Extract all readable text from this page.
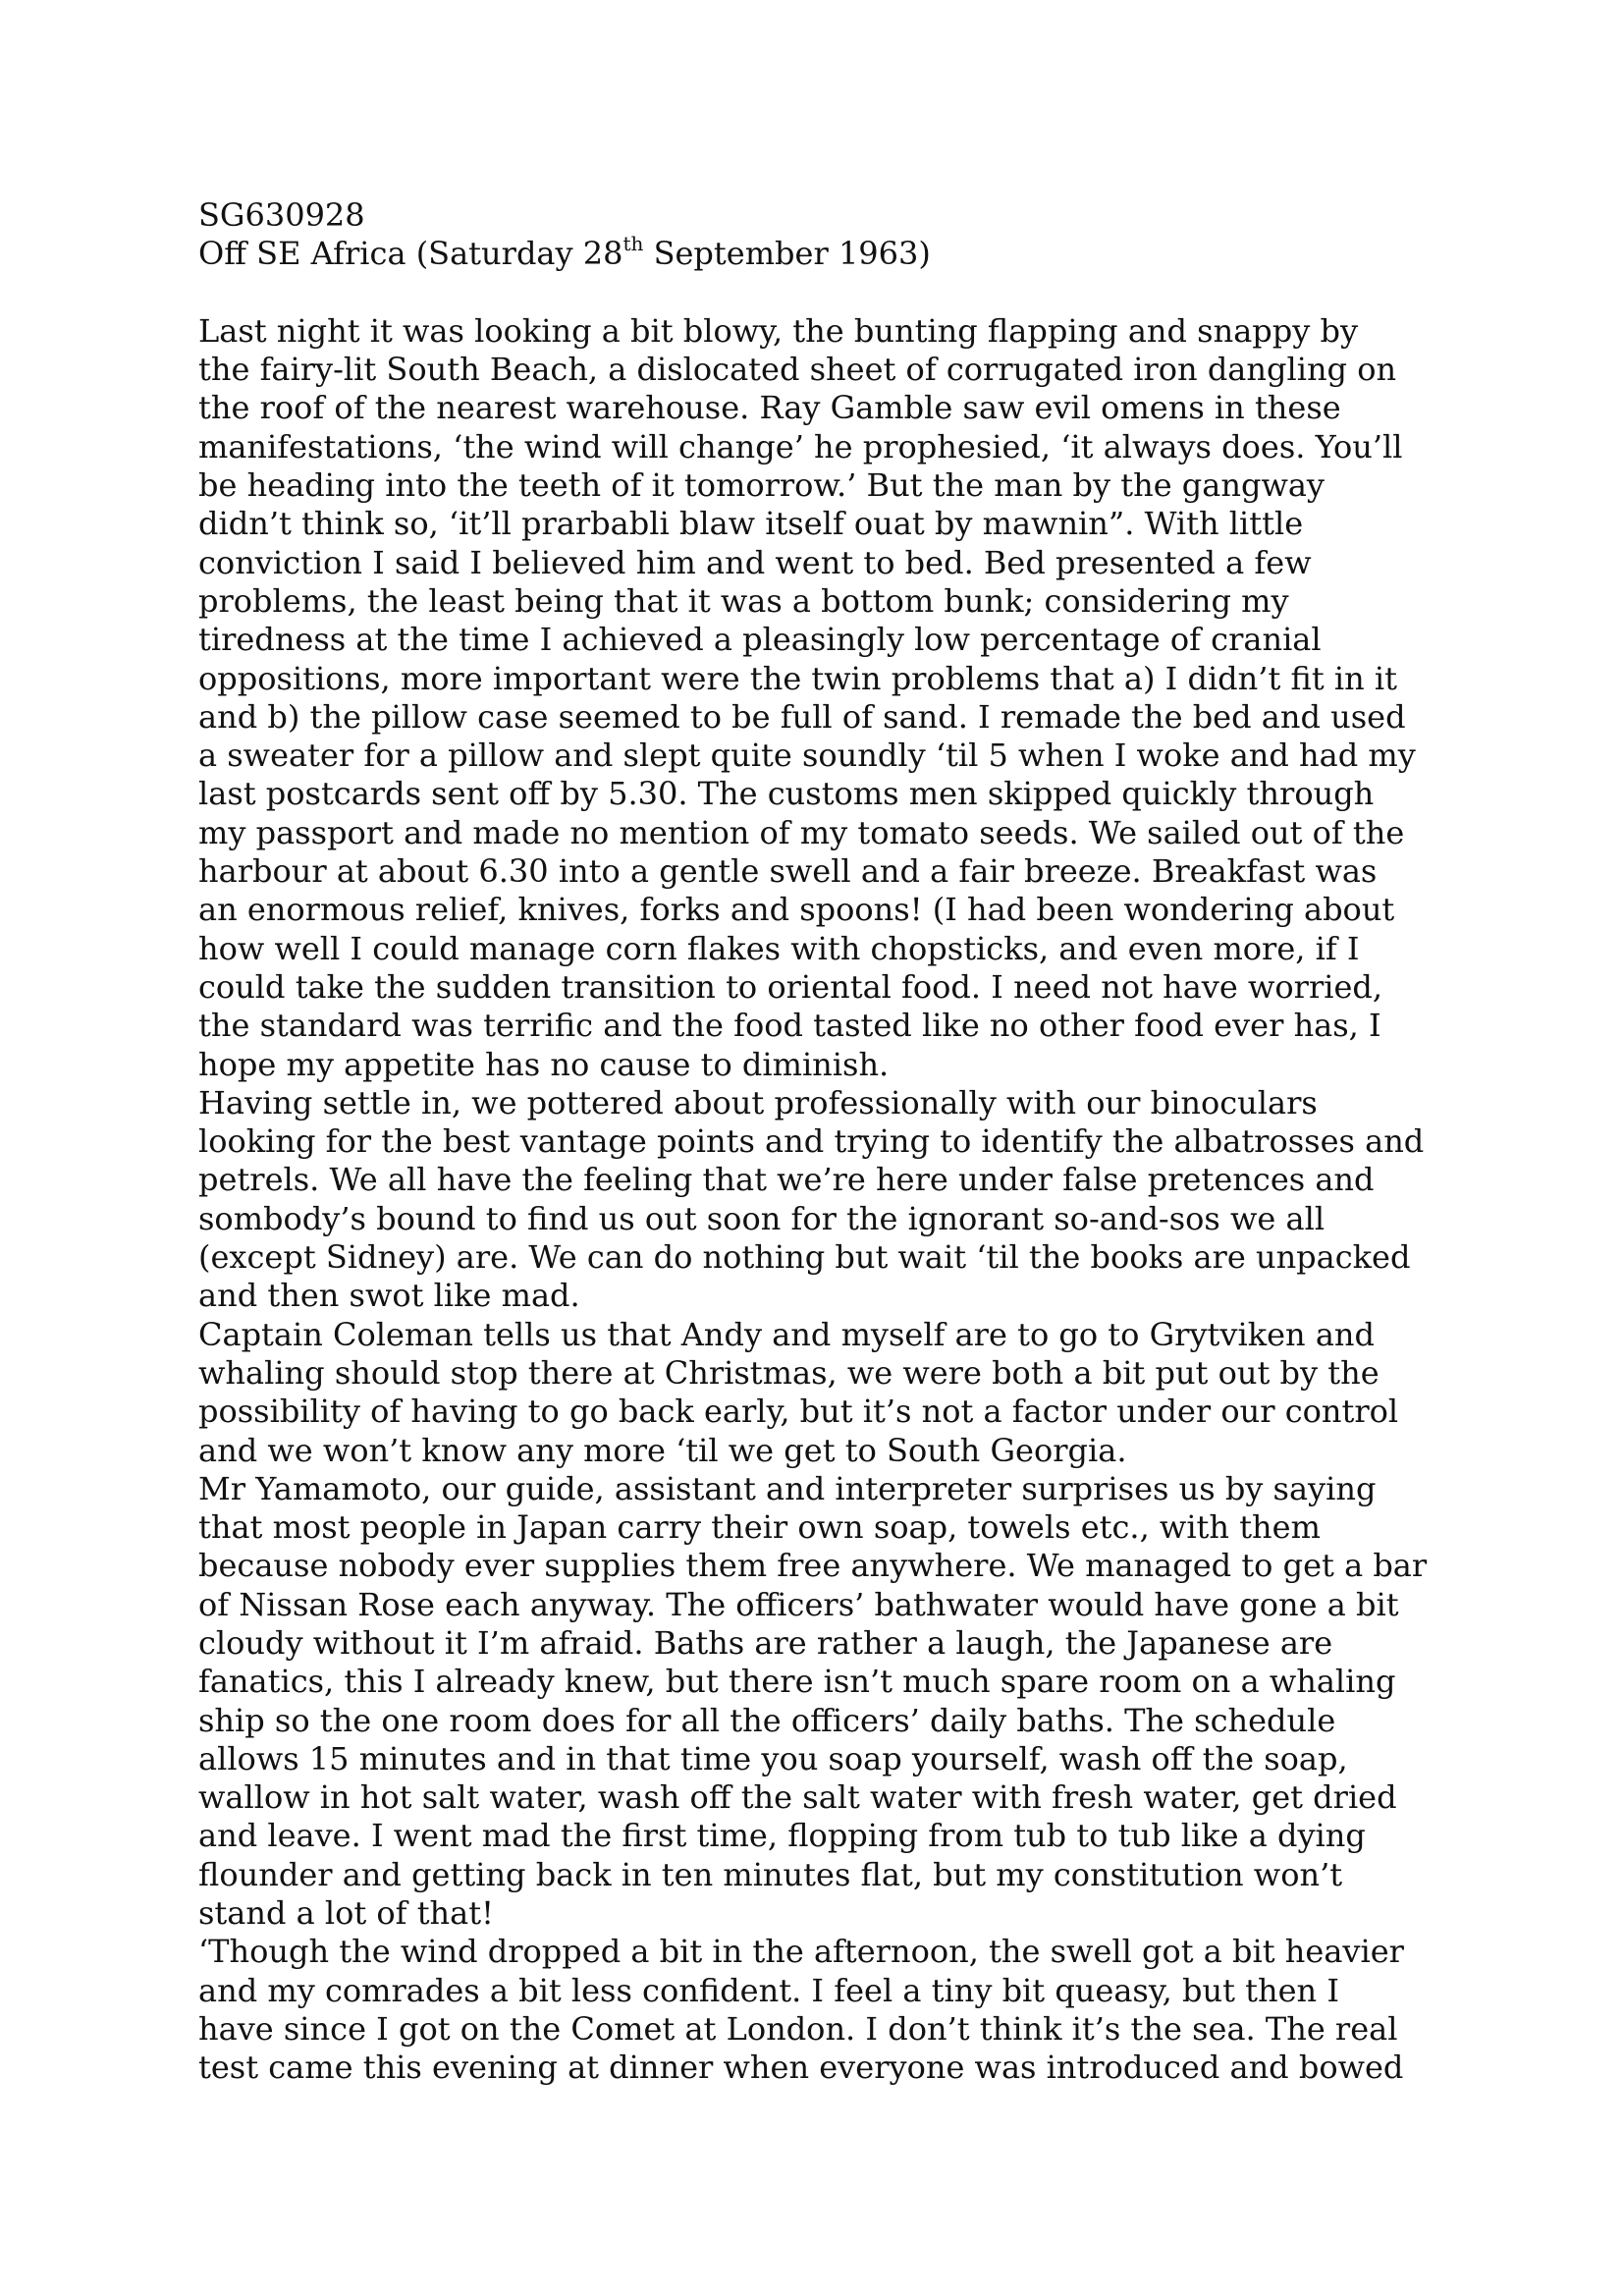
SG630928
Off SE Africa (Saturday 28th September 1963)
Last night it was looking a bit blowy, the bunting flapping and snappy by
the fairy-lit South Beach, a dislocated sheet of corrugated iron dangling on
the roof of the nearest warehouse. Ray Gamble saw evil omens in these
manifestations, ‘the wind will change’ he prophesied, ‘it always does. You’ll
be heading into the teeth of it tomorrow.’ But the man by the gangway
didn’t think so, ‘it’ll prarbabli blaw itself ouat by mawnin”. With little
conviction I said I believed him and went to bed. Bed presented a few
problems, the least being that it was a bottom bunk; considering my
tiredness at the time I achieved a pleasingly low percentage of cranial
oppositions, more important were the twin problems that a) I didn’t fit in it
and b) the pillow case seemed to be full of sand. I remade the bed and used
a sweater for a pillow and slept quite soundly ‘til 5 when I woke and had my
last postcards sent off by 5.30. The customs men skipped quickly through
my passport and made no mention of my tomato seeds. We sailed out of the
harbour at about 6.30 into a gentle swell and a fair breeze. Breakfast was
an enormous relief, knives, forks and spoons! (I had been wondering about
how well I could manage corn flakes with chopsticks, and even more, if I
could take the sudden transition to oriental food. I need not have worried,
the standard was terrific and the food tasted like no other food ever has, I
hope my appetite has no cause to diminish.
Having settle in, we pottered about professionally with our binoculars
looking for the best vantage points and trying to identify the albatrosses and
petrels. We all have the feeling that we’re here under false pretences and
sombody’s bound to find us out soon for the ignorant so-and-sos we all
(except Sidney) are. We can do nothing but wait ‘til the books are unpacked
and then swot like mad.
Captain Coleman tells us that Andy and myself are to go to Grytviken and
whaling should stop there at Christmas, we were both a bit put out by the
possibility of having to go back early, but it’s not a factor under our control
and we won’t know any more ‘til we get to South Georgia.
Mr Yamamoto, our guide, assistant and interpreter surprises us by saying
that most people in Japan carry their own soap, towels etc., with them
because nobody ever supplies them free anywhere. We managed to get a bar
of Nissan Rose each anyway. The officers’ bathwater would have gone a bit
cloudy without it I’m afraid. Baths are rather a laugh, the Japanese are
fanatics, this I already knew, but there isn’t much spare room on a whaling
ship so the one room does for all the officers’ daily baths. The schedule
allows 15 minutes and in that time you soap yourself, wash off the soap,
wallow in hot salt water, wash off the salt water with fresh water, get dried
and leave. I went mad the first time, flopping from tub to tub like a dying
flounder and getting back in ten minutes flat, but my constitution won’t
stand a lot of that!
‘Though the wind dropped a bit in the afternoon, the swell got a bit heavier
and my comrades a bit less confident. I feel a tiny bit queasy, but then I
have since I got on the Comet at London. I don’t think it’s the sea. The real
test came this evening at dinner when everyone was introduced and bowed
